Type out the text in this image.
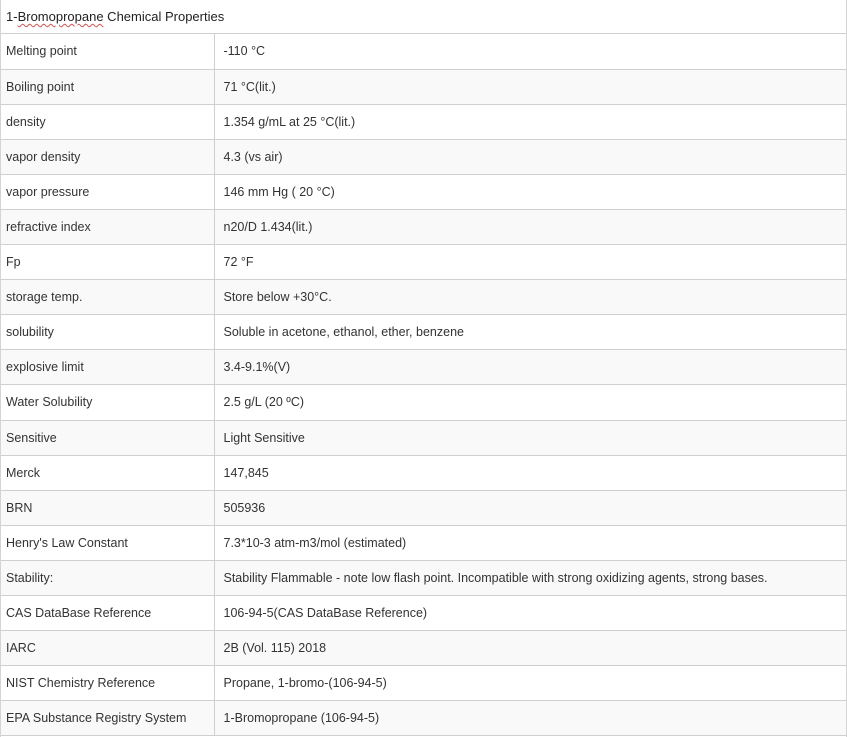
1-Bromopropane Chemical Properties
Melting point	-110 °C
Boiling point	71 °C(lit.)
density	1.354 g/mL at 25 °C(lit.)
vapor density	4.3 (vs air)
vapor pressure	146 mm Hg ( 20 °C)
refractive index	n20/D 1.434(lit.)
Fp	72 °F
storage temp.	Store below +30°C.
solubility	Soluble in acetone, ethanol, ether, benzene
explosive limit	3.4-9.1%(V)
Water Solubility	2.5 g/L (20 ºC)
Sensitive	Light Sensitive
Merck	147,845
BRN	505936
Henry's Law Constant	7.3*10-3 atm-m3/mol (estimated)
Stability:	Stability Flammable - note low flash point. Incompatible with strong oxidizing agents, strong bases.
CAS DataBase Reference	106-94-5(CAS DataBase Reference)
IARC	2B (Vol. 115) 2018
NIST Chemistry Reference	Propane, 1-bromo-(106-94-5)
EPA Substance Registry System	1-Bromopropane (106-94-5)
